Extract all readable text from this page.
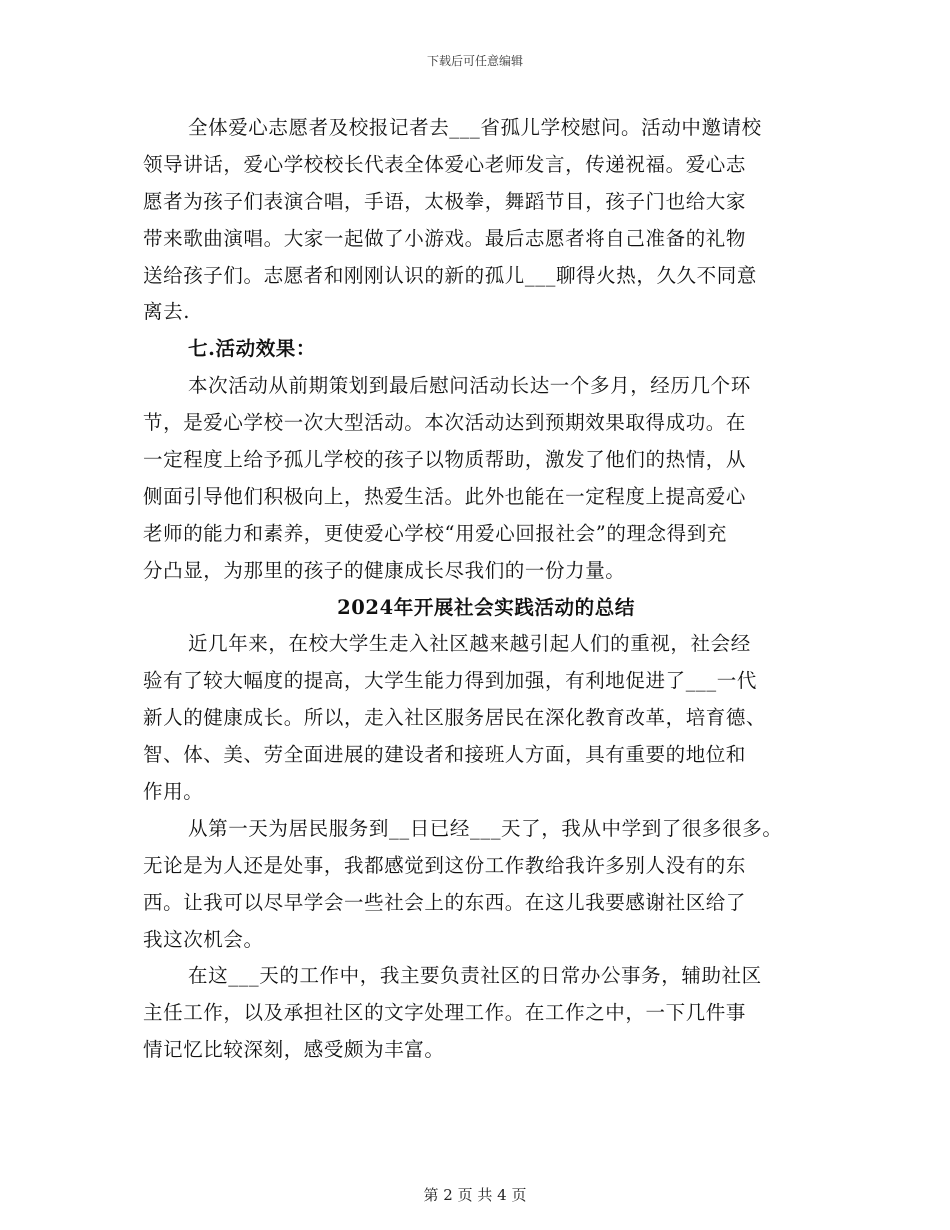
下载后可任意编辑
全体爱心志愿者及校报记者去___省孤儿学校慰问。活动中邀请校
领导讲话，爱心学校校长代表全体爱心老师发言，传递祝福。爱心志
愿者为孩子们表演合唱，手语，太极拳，舞蹈节目，孩子门也给大家
带来歌曲演唱。大家一起做了小游戏。最后志愿者将自己准备的礼物
送给孩子们。志愿者和刚刚认识的新的孤儿___聊得火热，久久不同意
离去.
七.活动效果：
本次活动从前期策划到最后慰问活动长达一个多月，经历几个环
节，是爱心学校一次大型活动。本次活动达到预期效果取得成功。在
一定程度上给予孤儿学校的孩子以物质帮助，激发了他们的热情，从
侧面引导他们积极向上，热爱生活。此外也能在一定程度上提高爱心
老师的能力和素养，更使爱心学校“用爱心回报社会”的理念得到充
分凸显，为那里的孩子的健康成长尽我们的一份力量。
2024年开展社会实践活动的总结
近几年来，在校大学生走入社区越来越引起人们的重视，社会经
验有了较大幅度的提高，大学生能力得到加强，有利地促进了___一代
新人的健康成长。所以，走入社区服务居民在深化教育改革，培育德、
智、体、美、劳全面进展的建设者和接班人方面，具有重要的地位和
作用。
从第一天为居民服务到__日已经___天了，我从中学到了很多很多。
无论是为人还是处事，我都感觉到这份工作教给我许多别人没有的东
西。让我可以尽早学会一些社会上的东西。在这儿我要感谢社区给了
我这次机会。
在这___天的工作中，我主要负责社区的日常办公事务，辅助社区
主任工作，以及承担社区的文字处理工作。在工作之中，一下几件事
情记忆比较深刻，感受颇为丰富。
第 2 页 共 4 页
